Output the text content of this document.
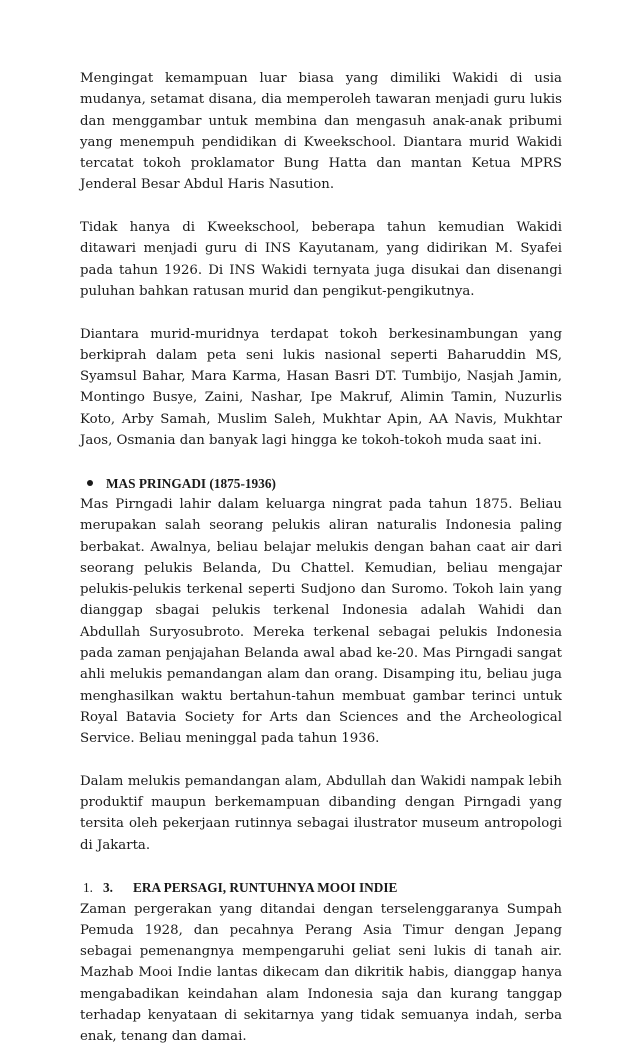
Mengingat kemampuan luar biasa yang dimiliki Wakidi di usia mudanya, setamat disana, dia memperoleh tawaran menjadi guru lukis dan menggambar untuk membina dan mengasuh anak-anak pribumi yang menempuh pendidikan di Kweekschool. Diantara murid Wakidi tercatat tokoh proklamator Bung Hatta dan mantan Ketua MPRS Jenderal Besar Abdul Haris Nasution.

Tidak hanya di Kweekschool, beberapa tahun kemudian Wakidi ditawari menjadi guru di INS Kayutanam, yang didirikan M. Syafei pada tahun 1926. Di INS Wakidi ternyata juga disukai dan disenangi puluhan bahkan ratusan murid dan pengikut-pengikutnya.

Diantara murid-muridnya terdapat tokoh berkesinambungan yang berkiprah dalam peta seni lukis nasional seperti Baharuddin MS, Syamsul Bahar, Mara Karma, Hasan Basri DT. Tumbijo, Nasjah Jamin, Montingo Busye, Zaini, Nashar, Ipe Makruf, Alimin Tamin, Nuzurlis Koto, Arby Samah, Muslim Saleh, Mukhtar Apin, AA Navis, Mukhtar Jaos, Osmania dan banyak lagi hingga ke tokoh-tokoh muda saat ini.

MAS PRINGADI (1875-1936)

Mas Pirngadi lahir dalam keluarga ningrat pada tahun 1875. Beliau merupakan salah seorang pelukis aliran naturalis Indonesia paling berbakat. Awalnya, beliau belajar melukis dengan bahan caat air dari seorang pelukis Belanda, Du Chattel. Kemudian, beliau mengajar pelukis-pelukis terkenal seperti Sudjono dan Suromo. Tokoh lain yang dianggap sbagai pelukis terkenal Indonesia adalah Wahidi dan Abdullah Suryosubroto. Mereka terkenal sebagai pelukis Indonesia pada zaman penjajahan Belanda awal abad ke-20. Mas Pirngadi sangat ahli melukis pemandangan alam dan orang. Disamping itu, beliau juga menghasilkan waktu bertahun-tahun membuat gambar terinci untuk Royal Batavia Society for Arts dan Sciences and the Archeological Service. Beliau meninggal pada tahun 1936.

Dalam melukis pemandangan alam, Abdullah dan Wakidi nampak lebih produktif maupun berkemampuan dibanding dengan Pirngadi yang tersita oleh pekerjaan rutinnya sebagai ilustrator museum antropologi di Jakarta.

1. 3.	ERA PERSAGI, RUNTUHNYA MOOI INDIE

Zaman pergerakan yang ditandai dengan terselenggaranya Sumpah Pemuda 1928, dan pecahnya Perang Asia Timur dengan Jepang sebagai pemenangnya mempengaruhi geliat seni lukis di tanah air. Mazhab Mooi Indie lantas dikecam dan dikritik habis, dianggap hanya mengabadikan keindahan alam Indonesia saja dan kurang tanggap terhadap kenyataan di sekitarnya yang tidak semuanya indah, serba enak, tenang dan damai.
